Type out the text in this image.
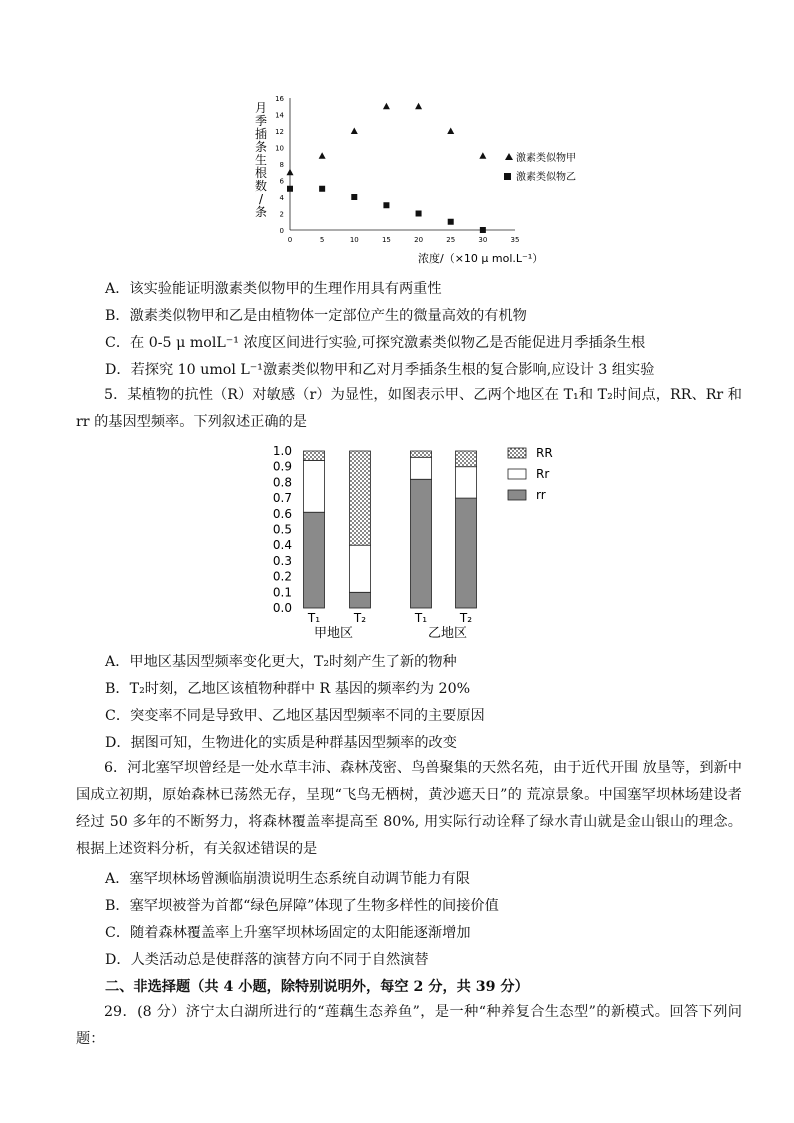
0
2
4
6
8
10
12
14
16
0	5	10	15	20	25	30	35
月
季
插
条
生
根
数
/
条
浓度/（×10 μ mol.L⁻¹）
激素类似物甲
激素类似物乙
A．该实验能证明激素类似物甲的生理作用具有两重性
B．激素类似物甲和乙是由植物体一定部位产生的微量高效的有机物
C．在 0-5 μ molL⁻¹ 浓度区间进行实验,可探究激素类似物乙是否能促进月季插条生根
D．若探究 10 umol L⁻¹激素类似物甲和乙对月季插条生根的复合影响,应设计 3 组实验
5．某植物的抗性（R）对敏感（r）为显性，如图表示甲、乙两个地区在 T₁和 T₂时间点，RR、Rr 和 rr 的基因型频率。下列叙述正确的是
0.0
0.1
0.2
0.3
0.4
0.5
0.6
0.7
0.8
0.9
1.0
T₁	T₂	T₁	T₂
甲地区	乙地区
RR
Rr
rr
A．甲地区基因型频率变化更大，T₂时刻产生了新的物种
B．T₂时刻，乙地区该植物种群中 R 基因的频率约为 20%
C．突变率不同是导致甲、乙地区基因型频率不同的主要原因
D．据图可知，生物进化的实质是种群基因型频率的改变
6．河北塞罕坝曾经是一处水草丰沛、森林茂密、鸟兽聚集的天然名苑，由于近代开围 放垦等，到新中国成立初期，原始森林已荡然无存，呈现“飞鸟无栖树，黄沙遮天日”的 荒凉景象。中国塞罕坝林场建设者经过 50 多年的不断努力，将森林覆盖率提高至 80%, 用实际行动诠释了绿水青山就是金山银山的理念。根据上述资料分析，有关叙述错误的是
A．塞罕坝林场曾濒临崩溃说明生态系统自动调节能力有限
B．塞罕坝被誉为首都“绿色屏障”体现了生物多样性的间接价值
C．随着森林覆盖率上升塞罕坝林场固定的太阳能逐渐增加
D．人类活动总是使群落的演替方向不同于自然演替
二、非选择题（共 4 小题，除特别说明外，每空 2 分，共 39 分）
29．(8 分）济宁太白湖所进行的“莲藕生态养鱼”，是一种“种养复合生态型”的新模式。回答下列问题：
